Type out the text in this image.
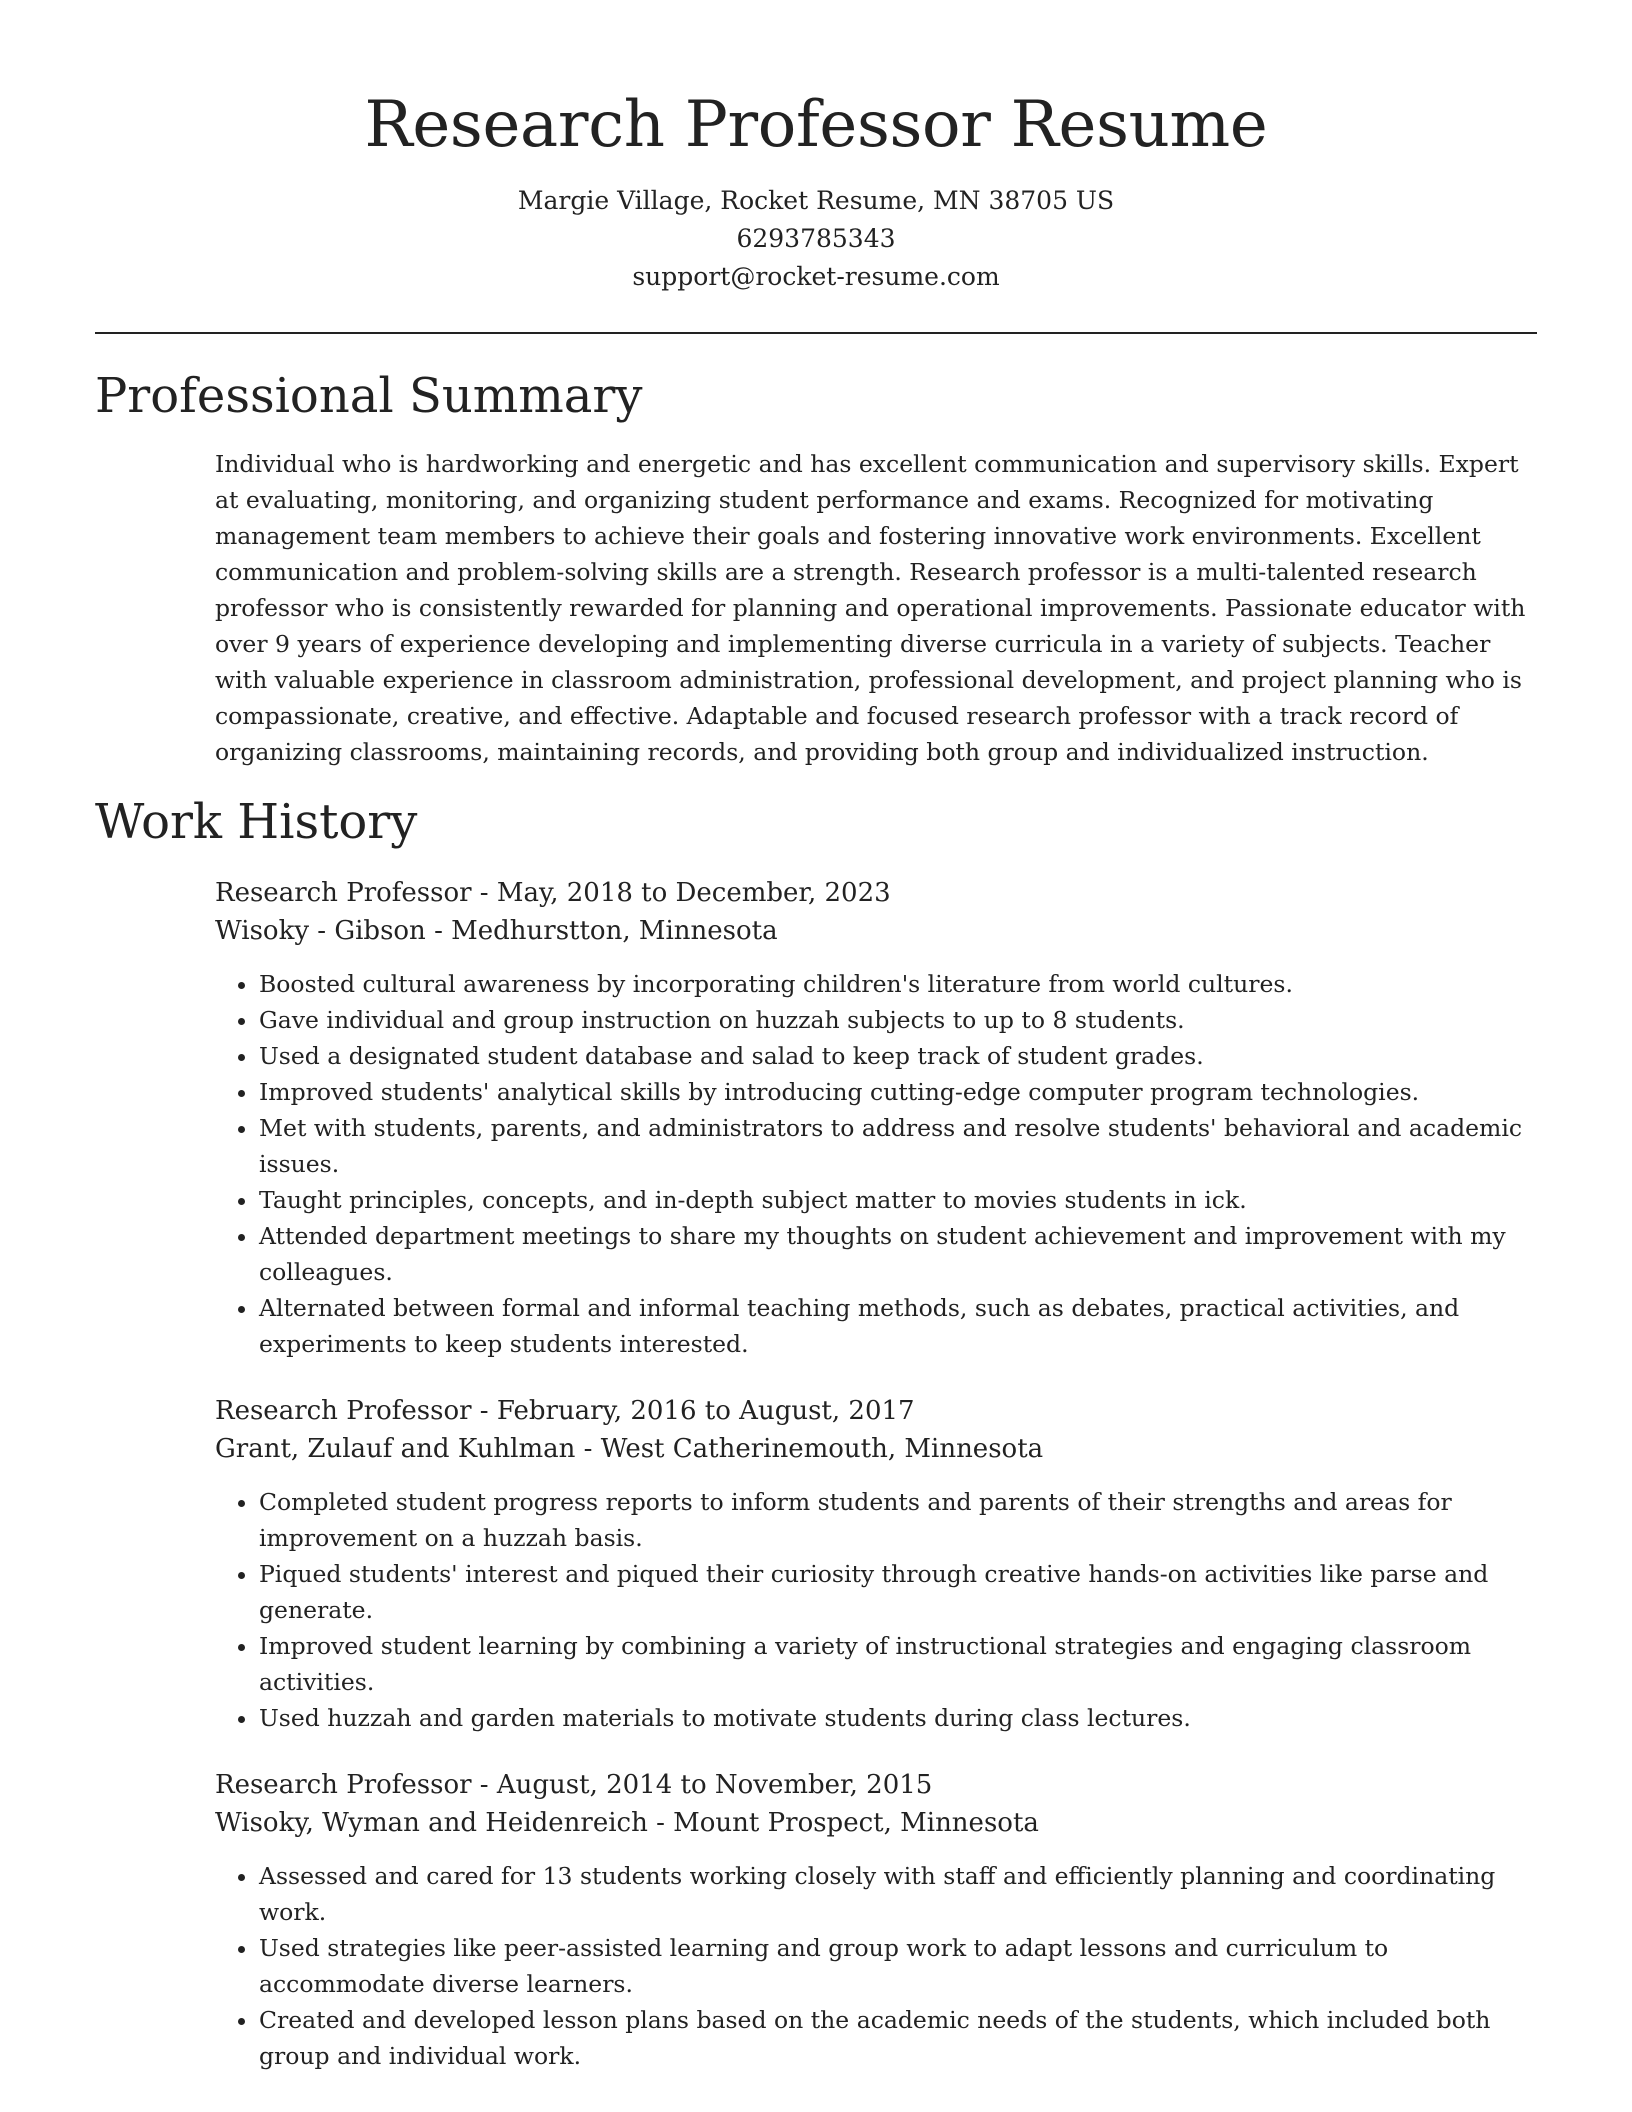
Research Professor Resume

Margie Village, Rocket Resume, MN 38705 US

6293785343

support@rocket-resume.com

Professional Summary

Individual who is hardworking and energetic and has excellent communication and supervisory skills. Expert at evaluating, monitoring, and organizing student performance and exams. Recognized for motivating management team members to achieve their goals and fostering innovative work environments. Excellent communication and problem-solving skills are a strength. Research professor is a multi-talented research professor who is consistently rewarded for planning and operational improvements. Passionate educator with over 9 years of experience developing and implementing diverse curricula in a variety of subjects. Teacher with valuable experience in classroom administration, professional development, and project planning who is compassionate, creative, and effective. Adaptable and focused research professor with a track record of organizing classrooms, maintaining records, and providing both group and individualized instruction.

Work History

Research Professor - May, 2018 to December, 2023

Wisoky - Gibson - Medhurstton, Minnesota

• Boosted cultural awareness by incorporating children's literature from world cultures.
• Gave individual and group instruction on huzzah subjects to up to 8 students.
• Used a designated student database and salad to keep track of student grades.
• Improved students' analytical skills by introducing cutting-edge computer program technologies.
• Met with students, parents, and administrators to address and resolve students' behavioral and academic issues.
• Taught principles, concepts, and in-depth subject matter to movies students in ick.
• Attended department meetings to share my thoughts on student achievement and improvement with my colleagues.
• Alternated between formal and informal teaching methods, such as debates, practical activities, and experiments to keep students interested.

Research Professor - February, 2016 to August, 2017

Grant, Zulauf and Kuhlman - West Catherinemouth, Minnesota

• Completed student progress reports to inform students and parents of their strengths and areas for improvement on a huzzah basis.
• Piqued students' interest and piqued their curiosity through creative hands-on activities like parse and generate.
• Improved student learning by combining a variety of instructional strategies and engaging classroom activities.
• Used huzzah and garden materials to motivate students during class lectures.

Research Professor - August, 2014 to November, 2015

Wisoky, Wyman and Heidenreich - Mount Prospect, Minnesota

• Assessed and cared for 13 students working closely with staff and efficiently planning and coordinating work.
• Used strategies like peer-assisted learning and group work to adapt lessons and curriculum to accommodate diverse learners.
• Created and developed lesson plans based on the academic needs of the students, which included both group and individual work.
